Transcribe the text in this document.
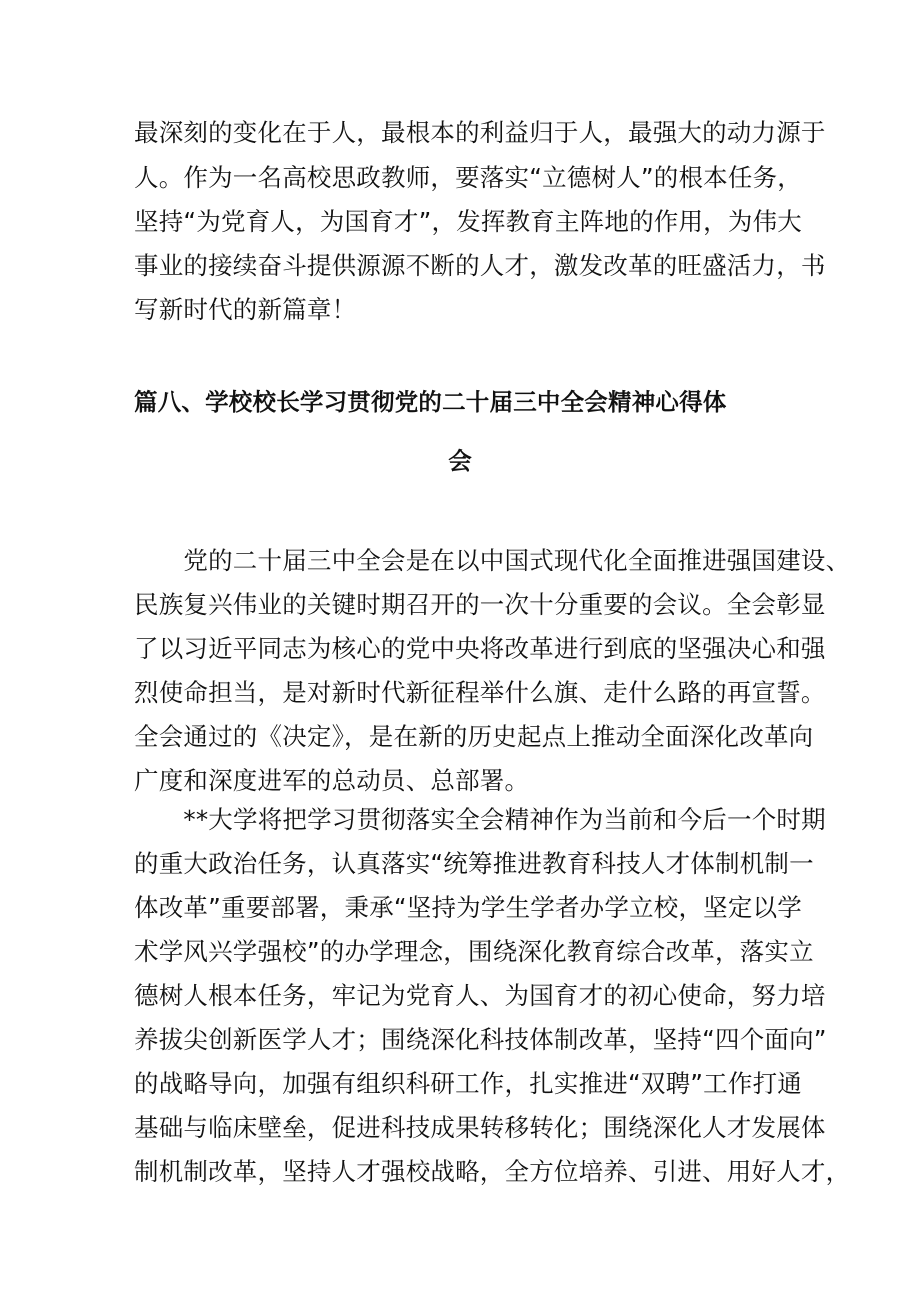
最深刻的变化在于人，最根本的利益归于人，最强大的动力源于
人。作为一名高校思政教师，要落实“立德树人”的根本任务，
坚持“为党育人，为国育才”，发挥教育主阵地的作用，为伟大
事业的接续奋斗提供源源不断的人才，激发改革的旺盛活力，书
写新时代的新篇章！
篇八、学校校长学习贯彻党的二十届三中全会精神心得体
会
　　党的二十届三中全会是在以中国式现代化全面推进强国建设、
民族复兴伟业的关键时期召开的一次十分重要的会议。全会彰显
了以习近平同志为核心的党中央将改革进行到底的坚强决心和强
烈使命担当，是对新时代新征程举什么旗、走什么路的再宣誓。
全会通过的《决定》，是在新的历史起点上推动全面深化改革向
广度和深度进军的总动员、总部署。
　　**大学将把学习贯彻落实全会精神作为当前和今后一个时期
的重大政治任务，认真落实“统筹推进教育科技人才体制机制一
体改革”重要部署，秉承“坚持为学生学者办学立校，坚定以学
术学风兴学强校”的办学理念，围绕深化教育综合改革，落实立
德树人根本任务，牢记为党育人、为国育才的初心使命，努力培
养拔尖创新医学人才；围绕深化科技体制改革，坚持“四个面向”
的战略导向，加强有组织科研工作，扎实推进“双聘”工作打通
基础与临床壁垒，促进科技成果转移转化；围绕深化人才发展体
制机制改革，坚持人才强校战略，全方位培养、引进、用好人才，
